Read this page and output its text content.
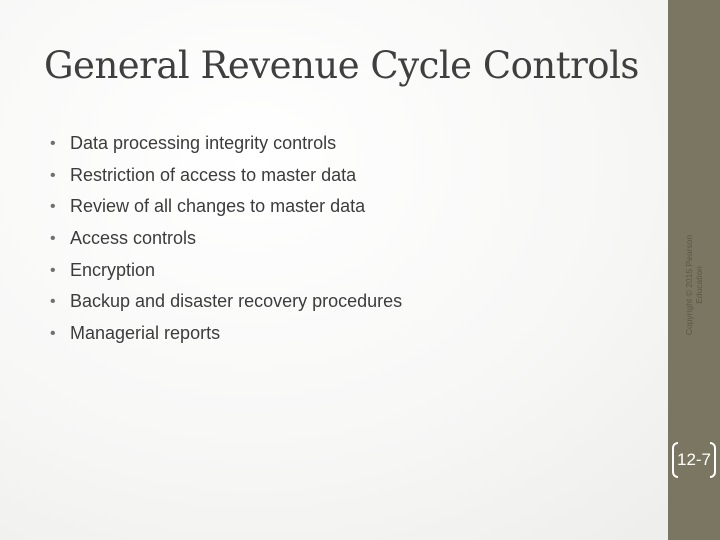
General Revenue Cycle Controls
• Data processing integrity controls
• Restriction of access to master data
• Review of all changes to master data
• Access controls
• Encryption
• Backup and disaster recovery procedures
• Managerial reports	Copyright © 2015 Pearson Education
12-7
